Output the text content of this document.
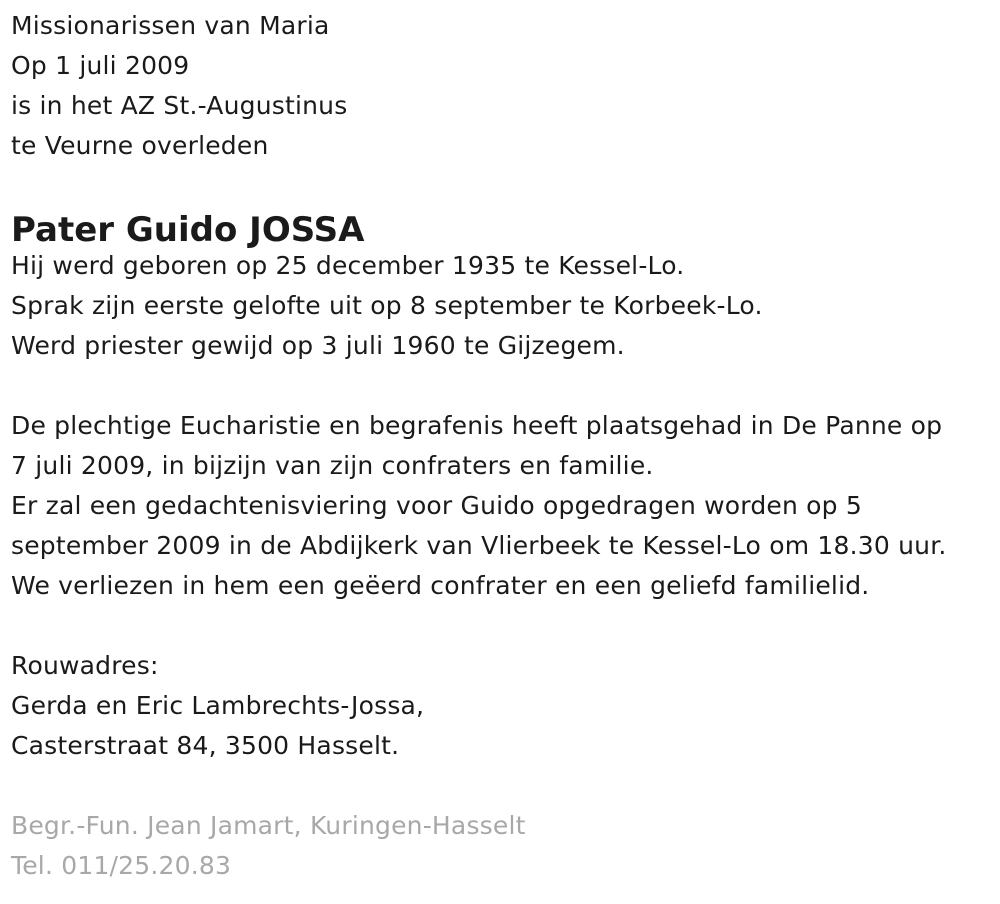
Missionarissen van Maria
Op 1 juli 2009
is in het AZ St.-Augustinus
te Veurne overleden
Pater Guido JOSSA
Hij werd geboren op 25 december 1935 te Kessel-Lo.
Sprak zijn eerste gelofte uit op 8 september te Korbeek-Lo.
Werd priester gewijd op 3 juli 1960 te Gijzegem.
De plechtige Eucharistie en begrafenis heeft plaatsgehad in De Panne op
7 juli 2009, in bijzijn van zijn confraters en familie.
Er zal een gedachtenisviering voor Guido opgedragen worden op 5
september 2009 in de Abdijkerk van Vlierbeek te Kessel-Lo om 18.30 uur.
We verliezen in hem een geëerd confrater en een geliefd familielid.
Rouwadres:
Gerda en Eric Lambrechts-Jossa,
Casterstraat 84, 3500 Hasselt.
Begr.-Fun. Jean Jamart, Kuringen-Hasselt
Tel. 011/25.20.83
